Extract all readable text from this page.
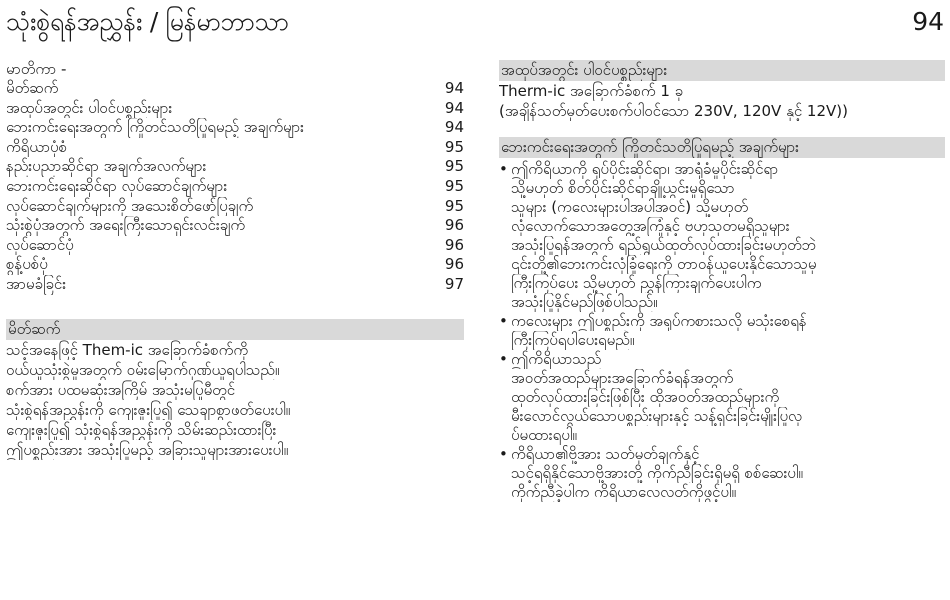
သုံးစွဲရန်အညွှန်း / မြန်မာဘာသာ	94
မာတိကာ -
မိတ်ဆက်	94
အထုပ်အတွင်း ပါဝင်ပစ္စည်းများ	94
ဘေးကင်းရေးအတွက် ကြိုတင်သတိပြုရမည့် အချက်များ	94
ကိရိယာပုံစံ	95
နည်းပညာဆိုင်ရာ အချက်အလက်များ	95
ဘေးကင်းရေးဆိုင်ရာ လုပ်ဆောင်ချက်များ	95
လုပ်ဆောင်ချက်များကို အသေးစိတ်ဖော်ပြချက်	95
သုံးစွဲပုံအတွက် အရေးကြီးသောရှင်းလင်းချက်	96
လုပ်ဆောင်ပုံ	96
စွန့်ပစ်ပုံ	96
အာမခံခြင်း	97
မိတ်ဆက်
သင့်အနေဖြင့် Them-ic အခြောက်ခံစက်ကို
ဝယ်ယူသုံးစွဲမှုအတွက် ဝမ်းမြောက်ဂုဏ်ယူရပါသည်။
စက်အား ပထမဆုံးအကြိမ် အသုံးမပြုမီတွင်
သုံးစွဲရန်အညွှန်းကို ကျေးဇူးပြု၍ သေချာစွာဖတ်ပေးပါ။
ကျေးဇူးပြု၍ သုံးစွဲရန်အညွှန်းကို သိမ်းဆည်းထားပြီး
ဤပစ္စည်းအား အသုံးပြုမည့် အခြားသူများအားပေးပါ။
အထုပ်အတွင်း ပါဝင်ပစ္စည်းများ
Therm-ic အခြောက်ခံစက် 1 ခု
(အချိန်သတ်မှတ်ပေးစက်ပါဝင်သော 230V, 120V နှင့် 12V))
ဘေးကင်းရေးအတွက် ကြိုတင်သတိပြုရမည့် အချက်များ
• ဤကိရိယာကို ရုပ်ပိုင်းဆိုင်ရာ၊ အာရုံခံမှုပိုင်းဆိုင်ရာ
သို့မဟုတ် စိတ်ပိုင်းဆိုင်ရာချို့ယွင်းမှုရှိသော
သူများ (ကလေးများပါအပါအဝင်) သို့မဟုတ်
လုံလောက်သောအတွေ့အကြုံနှင့် ဗဟုသုတမရှိသူများ
အသုံးပြုရန်အတွက် ရည်ရွယ်ထုတ်လုပ်ထားခြင်းမဟုတ်ဘဲ
၎င်းတို့၏ဘေးကင်းလုံခြုံရေးကို တာဝန်ယူပေးနိုင်သောသူမှ
ကြီးကြပ်ပေး သို့မဟုတ် ညွှန်ကြားချက်ပေးပါက
အသုံးပြုနိုင်မည်ဖြစ်ပါသည်။
• ကလေးများ ဤပစ္စည်းကို အရုပ်ကစားသလို မသုံးစေရန်
ကြီးကြပ်ရပါပေးရမည်။
• ဤကိရိယာသည်
အဝတ်အထည်များအခြောက်ခံရန်အတွက်
ထုတ်လုပ်ထားခြင်းဖြစ်ပြီး ထိုအဝတ်အထည်များကို
မီးလောင်လွယ်သောပစ္စည်းများနှင့် သန့်ရှင်းခြင်းမျိုးပြုလု
ပ်မထားရပါ။
• ကိရိယာ၏ဗို့အား သတ်မှတ်ချက်နှင့်
သင့်ရရှိနိုင်သောဗို့အားတို့ ကိုက်ညီခြင်းရှိမရှိ စစ်ဆေးပါ။
ကိုက်ညီခဲ့ပါက ကိရိယာလေလတ်ကိုဖွင့်ပါ။
